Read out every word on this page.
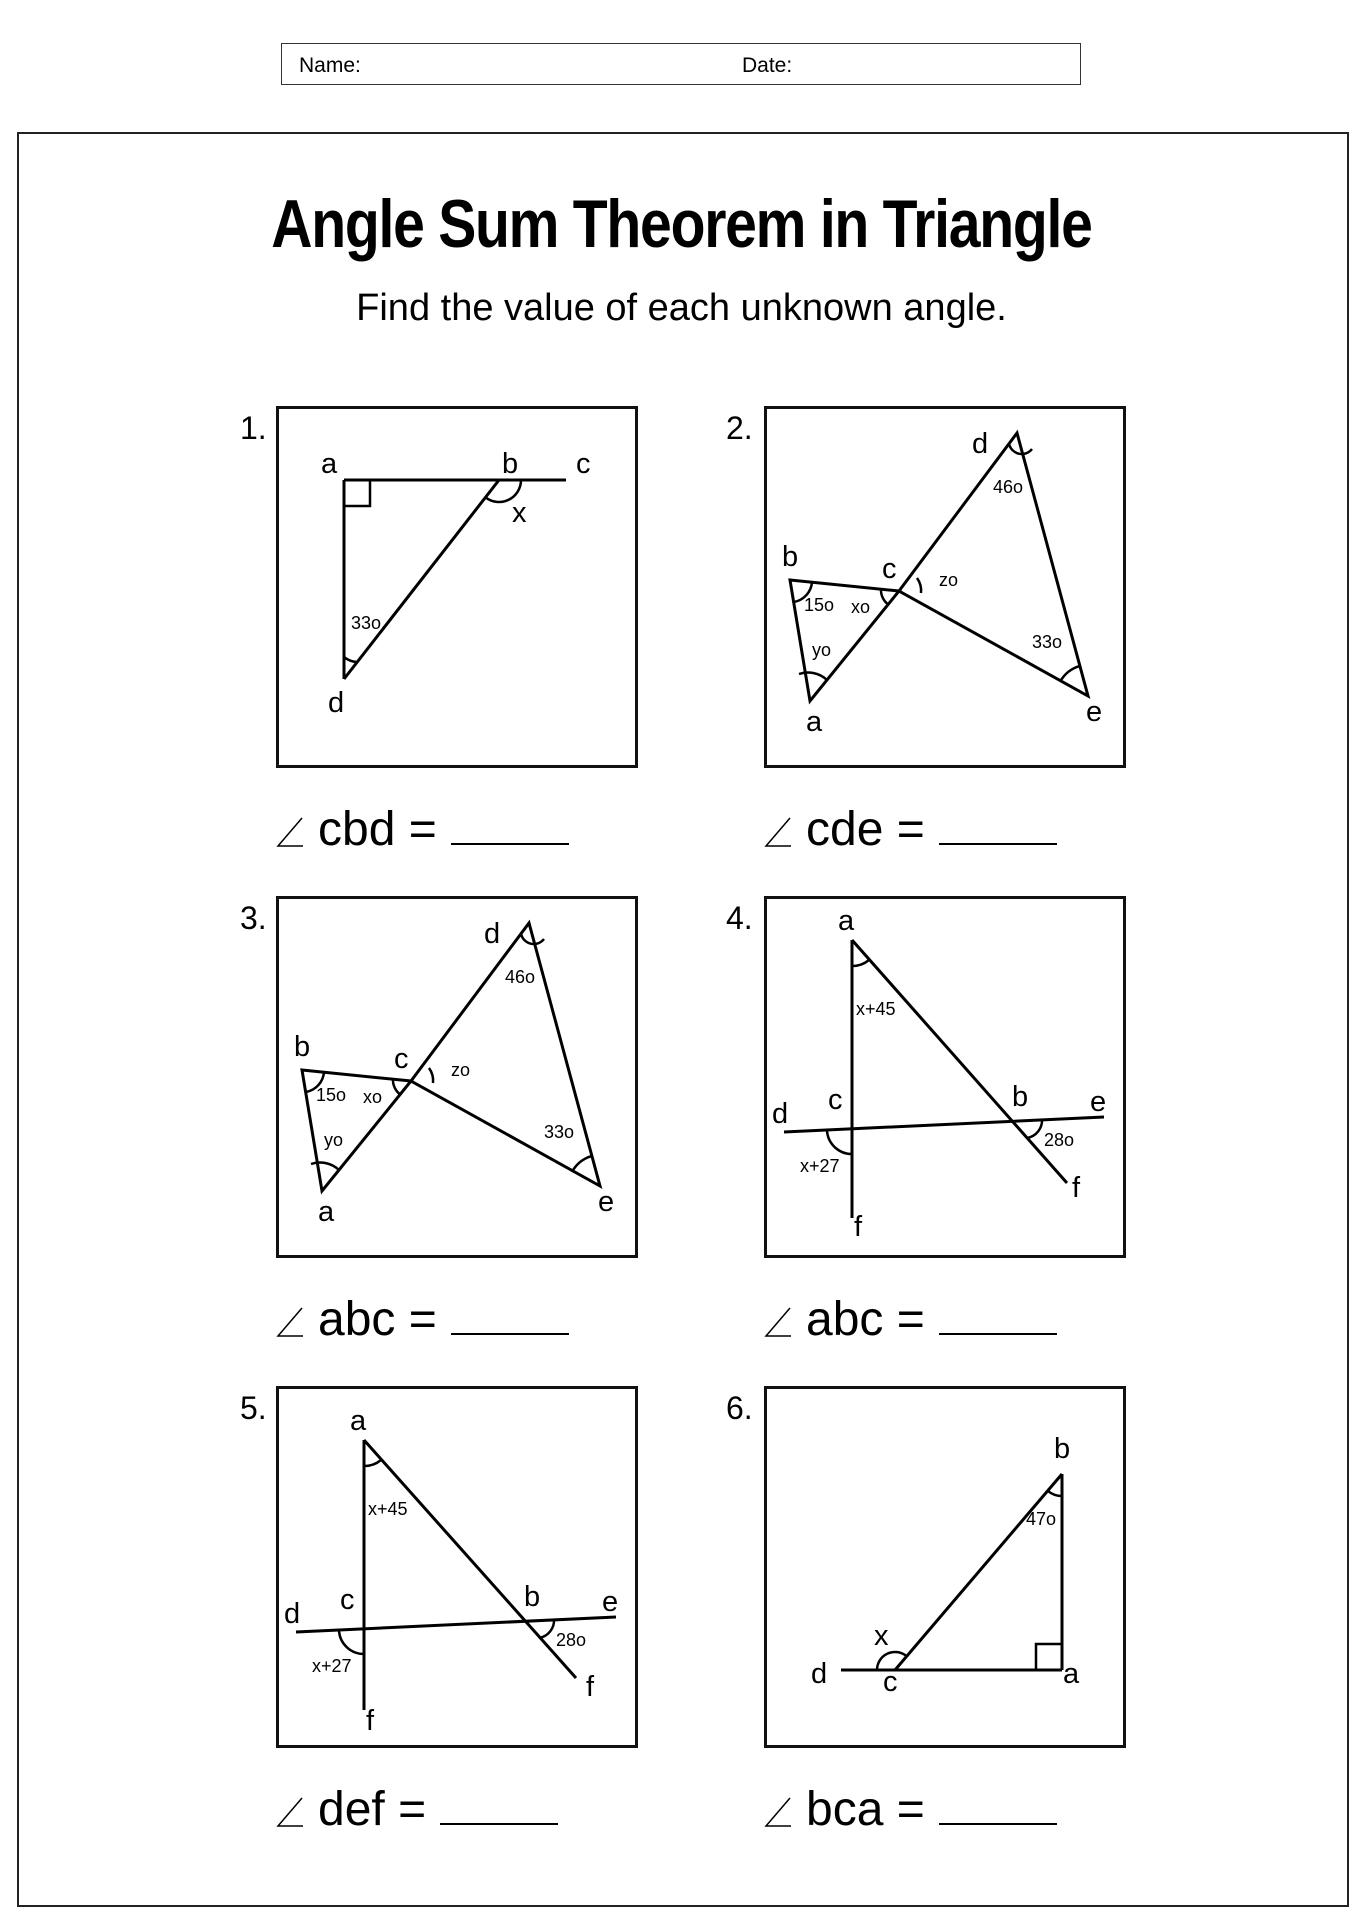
Name:	Date:
Angle Sum Theorem in Triangle
Find the value of each unknown angle.
1.
a	b c
d
x
33o
cbd =
2.	d
b	c
a	e
46o
zo
15o xo
yo	33o
cde =
3.	d
b	c
a	e
46o
zo
15o xo
yo	33o
abc =
4.	a
d c	b e
f
f
x+45
x+27
28o
abc =
5.	a
d c	b e
f
f
x+45
x+27
28o
def =
6.
b
a
d c
x
47o
bca =
